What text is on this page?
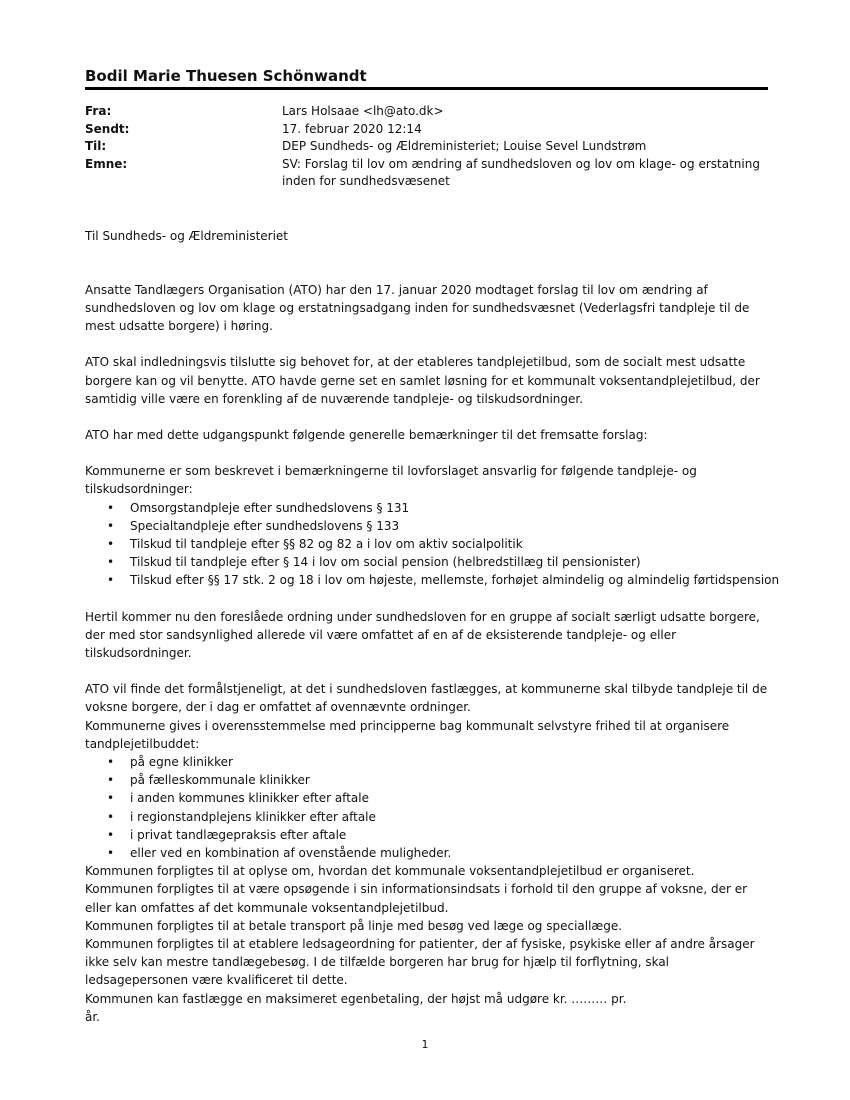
Bodil Marie Thuesen Schönwandt
Fra:	Lars Holsaae <lh@ato.dk>
Sendt:	17. februar 2020 12:14
Til:	DEP Sundheds- og Ældreministeriet; Louise Sevel Lundstrøm
Emne:	SV: Forslag til lov om ændring af sundhedsloven og lov om klage- og erstatning inden for sundhedsvæsenet

Til Sundheds- og Ældreministeriet

Ansatte Tandlægers Organisation (ATO) har den 17. januar 2020 modtaget forslag til lov om ændring af sundhedsloven og lov om klage og erstatningsadgang inden for sundhedsvæsnet (Vederlagsfri tandpleje til de mest udsatte borgere) i høring.

ATO skal indledningsvis tilslutte sig behovet for, at der etableres tandplejetilbud, som de socialt mest udsatte borgere kan og vil benytte. ATO havde gerne set en samlet løsning for et kommunalt voksentandplejetilbud, der samtidig ville være en forenkling af de nuværende tandpleje- og tilskudsordninger.

ATO har med dette udgangspunkt følgende generelle bemærkninger til det fremsatte forslag:

Kommunerne er som beskrevet i bemærkningerne til lovforslaget ansvarlig for følgende tandpleje- og tilskudsordninger:

• Omsorgstandpleje efter sundhedslovens § 131
• Specialtandpleje efter sundhedslovens § 133
• Tilskud til tandpleje efter §§ 82 og 82 a i lov om aktiv socialpolitik
• Tilskud til tandpleje efter § 14 i lov om social pension (helbredstillæg til pensionister)
• Tilskud efter §§ 17 stk. 2 og 18 i lov om højeste, mellemste, forhøjet almindelig og almindelig førtidspension

Hertil kommer nu den foreslåede ordning under sundhedsloven for en gruppe af socialt særligt udsatte borgere, der med stor sandsynlighed allerede vil være omfattet af en af de eksisterende tandpleje- og eller tilskudsordninger.

ATO vil finde det formålstjeneligt, at det i sundhedsloven fastlægges, at kommunerne skal tilbyde tandpleje til de voksne borgere, der i dag er omfattet af ovennævnte ordninger.

Kommunerne gives i overensstemmelse med principperne bag kommunalt selvstyre frihed til at organisere tandplejetilbuddet:

• på egne klinikker
• på fælleskommunale klinikker
• i anden kommunes klinikker efter aftale
• i regionstandplejens klinikker efter aftale
• i privat tandlægepraksis efter aftale
• eller ved en kombination af ovenstående muligheder.

Kommunen forpligtes til at oplyse om, hvordan det kommunale voksentandplejetilbud er organiseret.

Kommunen forpligtes til at være opsøgende i sin informationsindsats i forhold til den gruppe af voksne, der er eller kan omfattes af det kommunale voksentandplejetilbud.

Kommunen forpligtes til at betale transport på linje med besøg ved læge og speciallæge.

Kommunen forpligtes til at etablere ledsageordning for patienter, der af fysiske, psykiske eller af andre årsager ikke selv kan mestre tandlægebesøg. I de tilfælde borgeren har brug for hjælp til forflytning, skal ledsagepersonen være kvalificeret til dette.

Kommunen kan fastlægge en maksimeret egenbetaling, der højst må udgøre kr. ……… pr.

år.

1
